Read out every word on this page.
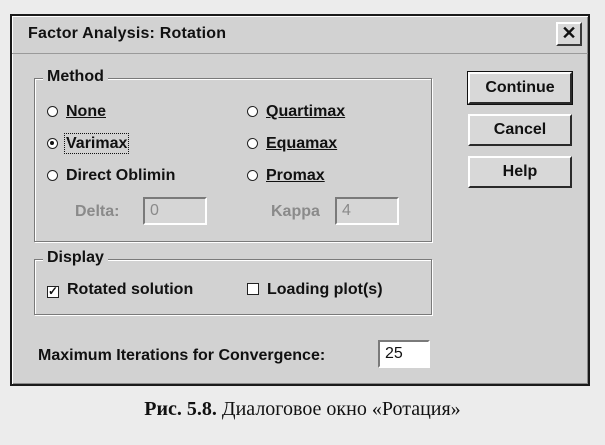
Factor Analysis: Rotation	✕
Method
None	Quartimax
Varimax	Equamax
Direct Oblimin	Promax
Delta:	0	Kappa	4
Display
✓ Rotated solution	Loading plot(s)
Maximum Iterations for Convergence:	25
Continue
Cancel
Help
Рис. 5.8. Диалоговое окно «Ротация»
